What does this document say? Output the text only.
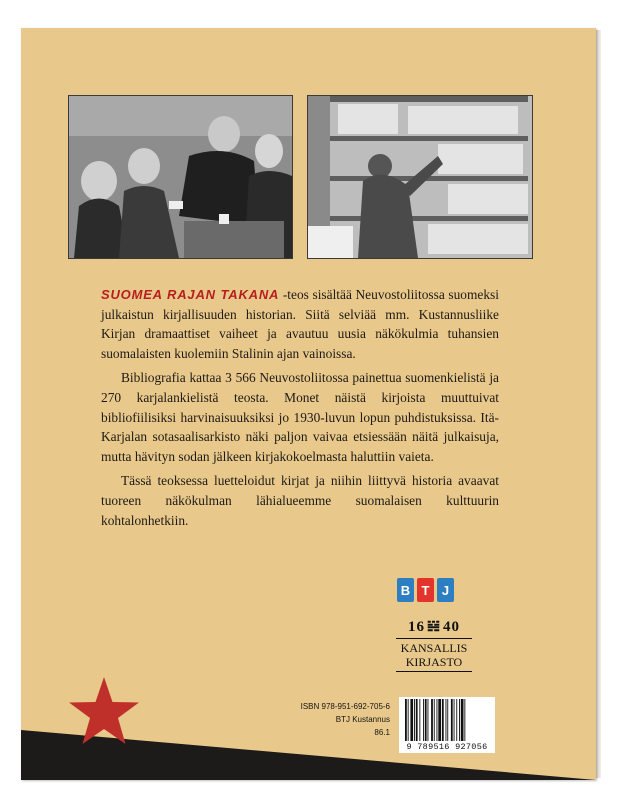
SUOMEA RAJAN TAKANA -teos sisältää Neuvostoliitossa suomeksi julkaistun kirjallisuuden historian. Siitä selviää mm. Kustannusliike Kirjan dramaattiset vaiheet ja avautuu uusia näkökulmia tuhansien suomalaisten kuolemiin Stalinin ajan vainoissa.

Bibliografia kattaa 3 566 Neuvostoliitossa painettua suomenkielistä ja 270 karjalankielistä teosta. Monet näistä kirjoista muuttuivat bibliofiilisiksi harvinaisuuksiksi jo 1930-luvun lopun puhdistuksissa. Itä-Karjalan sotasaalisarkisto näki paljon vaivaa etsiessään näitä julkaisuja, mutta hävityn sodan jälkeen kirjakokoelmasta haluttiin vaieta.

Tässä teoksessa luetteloidut kirjat ja niihin liittyvä historia avaavat tuoreen näkökulman lähialueemme suomalaisen kulttuurin kohtalonhetkiin.

B T J
16 𝍆 40
KANSALLIS
KIRJASTO
ISBN 978-951-692-705-6
BTJ Kustannus
86.1
9 789516 927056
